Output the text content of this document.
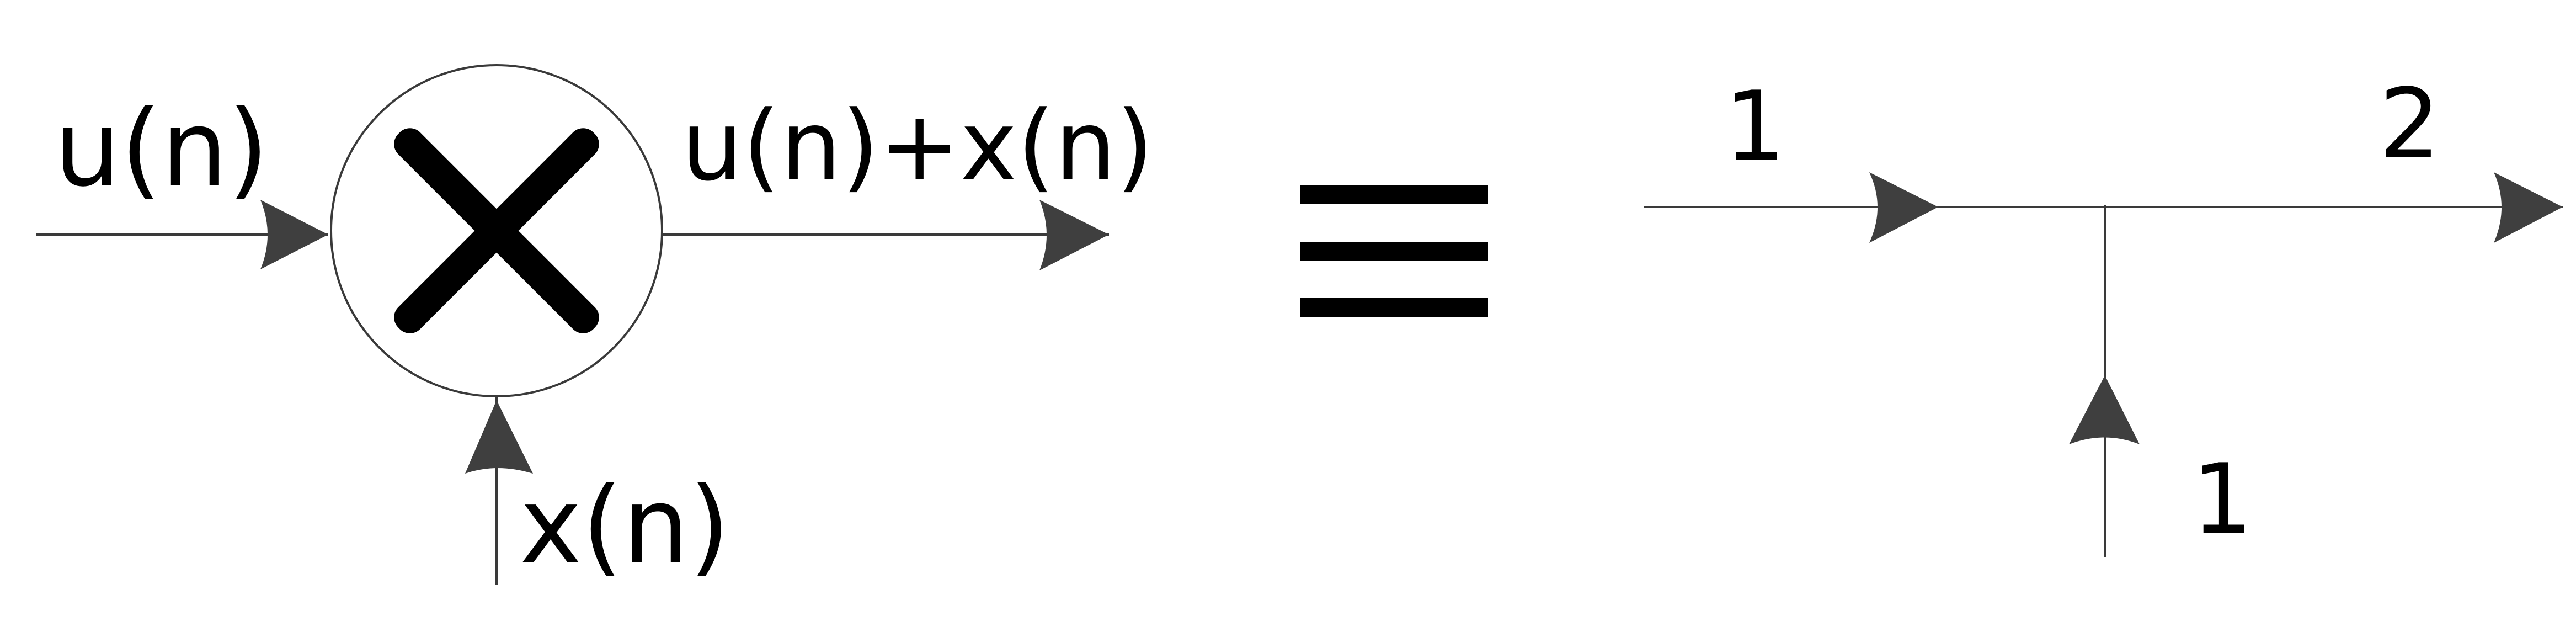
u(n)	u(n)+x(n)
x(n)
1	2
1
